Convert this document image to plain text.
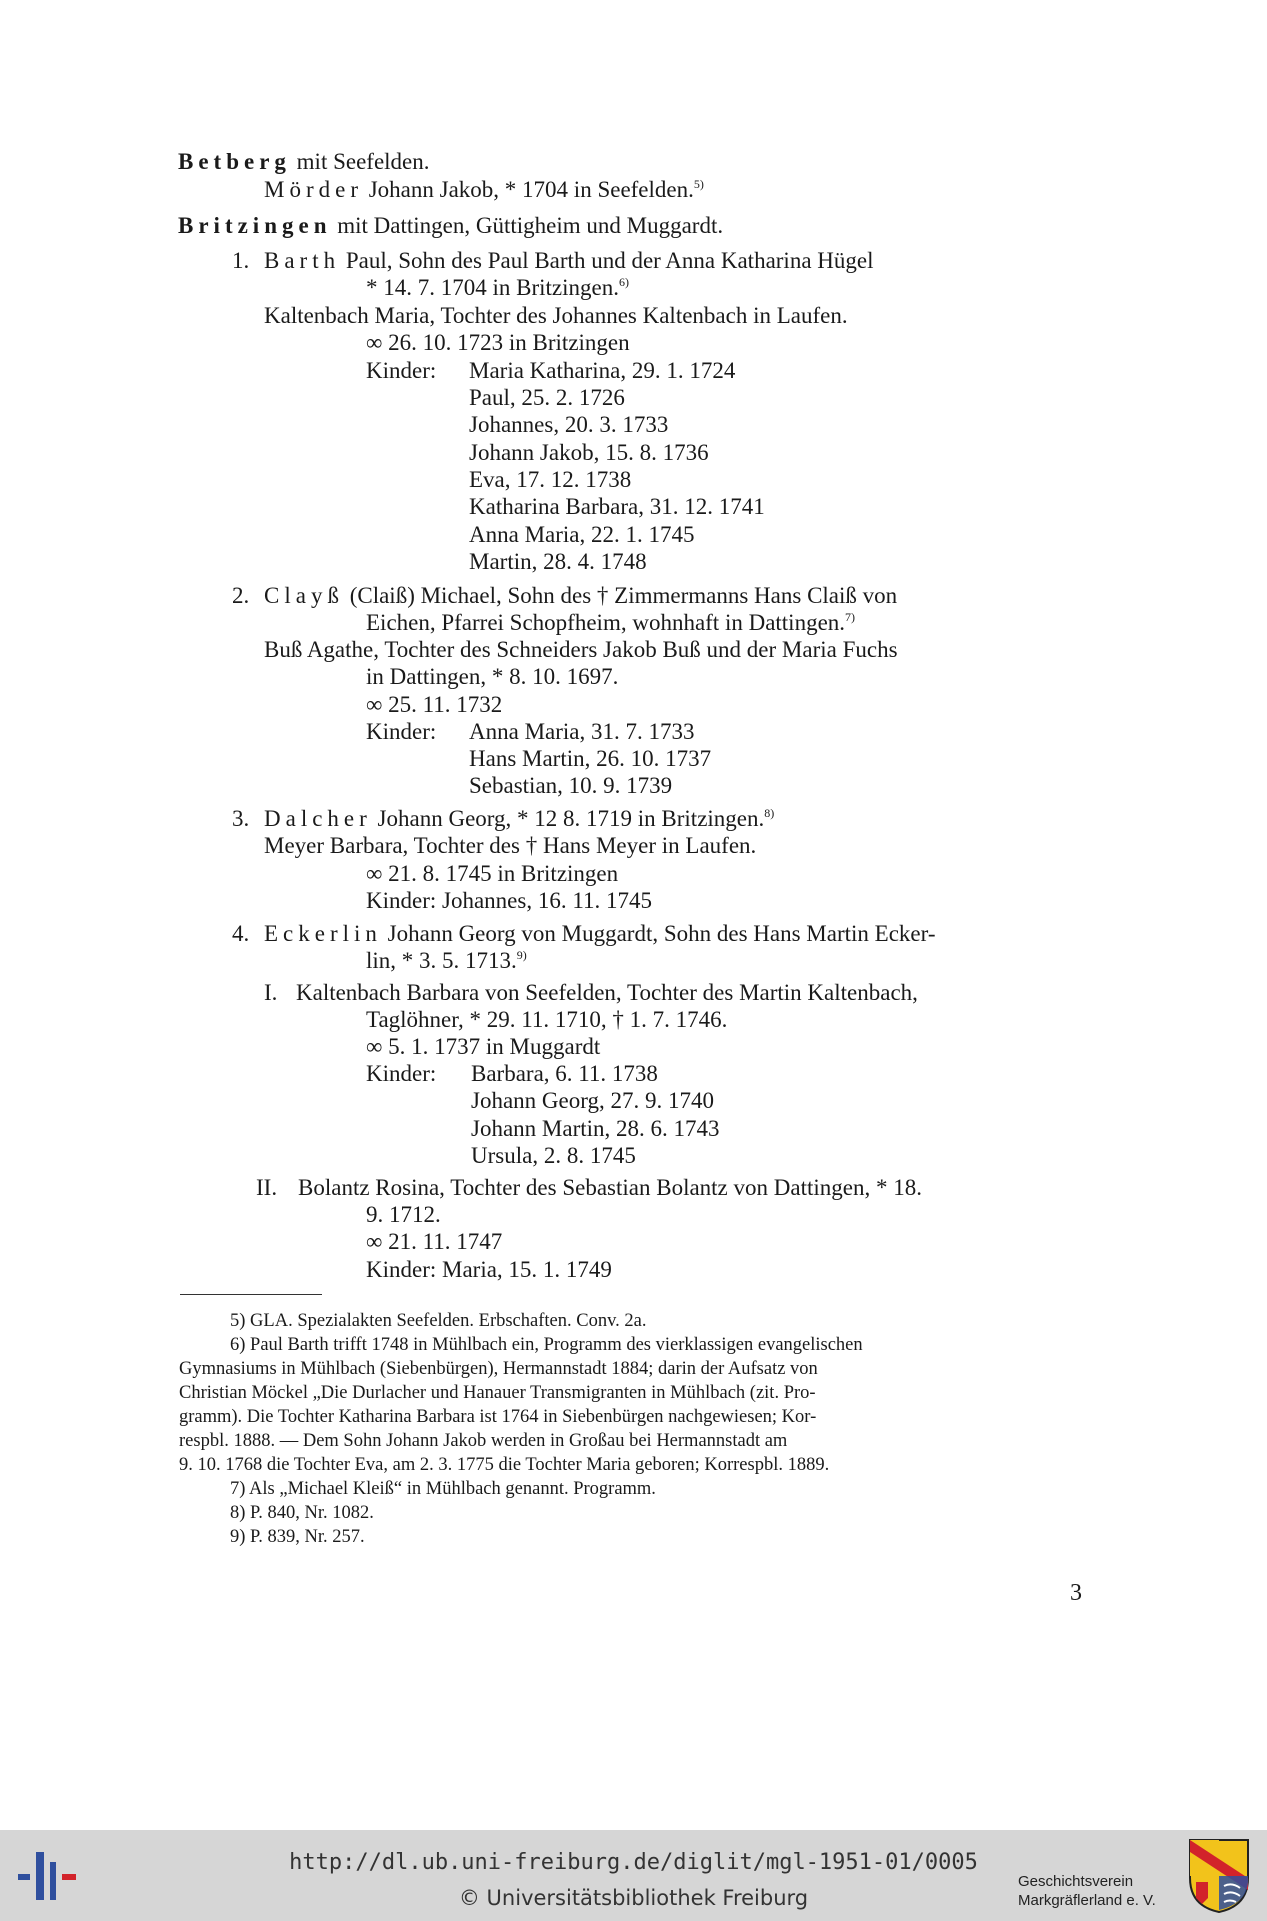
Betberg mit Seefelden.
Mörder Johann Jakob, * 1704 in Seefelden.$^{5)}$
Britzingen mit Dattingen, Güttigheim und Muggardt.
1. Barth Paul, Sohn des Paul Barth und der Anna Katharina Hügel
* 14. 7. 1704 in Britzingen.$^{6)}$
Kaltenbach Maria, Tochter des Johannes Kaltenbach in Laufen.
∞ 26. 10. 1723 in Britzingen
Kinder: Maria Katharina, 29. 1. 1724
Paul, 25. 2. 1726
Johannes, 20. 3. 1733
Johann Jakob, 15. 8. 1736
Eva, 17. 12. 1738
Katharina Barbara, 31. 12. 1741
Anna Maria, 22. 1. 1745
Martin, 28. 4. 1748
2. Clayß (Claiß) Michael, Sohn des † Zimmermanns Hans Claiß von
Eichen, Pfarrei Schopfheim, wohnhaft in Dattingen.$^{7)}$
Buß Agathe, Tochter des Schneiders Jakob Buß und der Maria Fuchs
in Dattingen, * 8. 10. 1697.
∞ 25. 11. 1732
Kinder: Anna Maria, 31. 7. 1733
Hans Martin, 26. 10. 1737
Sebastian, 10. 9. 1739
3. Dalcher Johann Georg, * 12 8. 1719 in Britzingen.$^{8)}$
Meyer Barbara, Tochter des † Hans Meyer in Laufen.
∞ 21. 8. 1745 in Britzingen
Kinder: Johannes, 16. 11. 1745
4. Eckerlin Johann Georg von Muggardt, Sohn des Hans Martin Ecker-
lin, * 3. 5. 1713.$^{9)}$
I. Kaltenbach Barbara von Seefelden, Tochter des Martin Kaltenbach,
Taglöhner, * 29. 11. 1710, † 1. 7. 1746.
∞ 5. 1. 1737 in Muggardt
Kinder: Barbara, 6. 11. 1738
Johann Georg, 27. 9. 1740
Johann Martin, 28. 6. 1743
Ursula, 2. 8. 1745
II. Bolantz Rosina, Tochter des Sebastian Bolantz von Dattingen, * 18.
9. 1712.
∞ 21. 11. 1747
Kinder: Maria, 15. 1. 1749
5) GLA. Spezialakten Seefelden. Erbschaften. Conv. 2a.
6) Paul Barth trifft 1748 in Mühlbach ein, Programm des vierklassigen evangelischen
Gymnasiums in Mühlbach (Siebenbürgen), Hermannstadt 1884; darin der Aufsatz von
Christian Möckel „Die Durlacher und Hanauer Transmigranten in Mühlbach (zit. Pro-
gramm). Die Tochter Katharina Barbara ist 1764 in Siebenbürgen nachgewiesen; Kor-
respbl. 1888. — Dem Sohn Johann Jakob werden in Großau bei Hermannstadt am
9. 10. 1768 die Tochter Eva, am 2. 3. 1775 die Tochter Maria geboren; Korrespbl. 1889.
7) Als „Michael Kleiß“ in Mühlbach genannt. Programm.
8) P. 840, Nr. 1082.
9) P. 839, Nr. 257.
3
http://dl.ub.uni-freiburg.de/diglit/mgl-1951-01/0005
© Universitätsbibliothek Freiburg
Geschichtsverein
Markgräflerland e. V.
